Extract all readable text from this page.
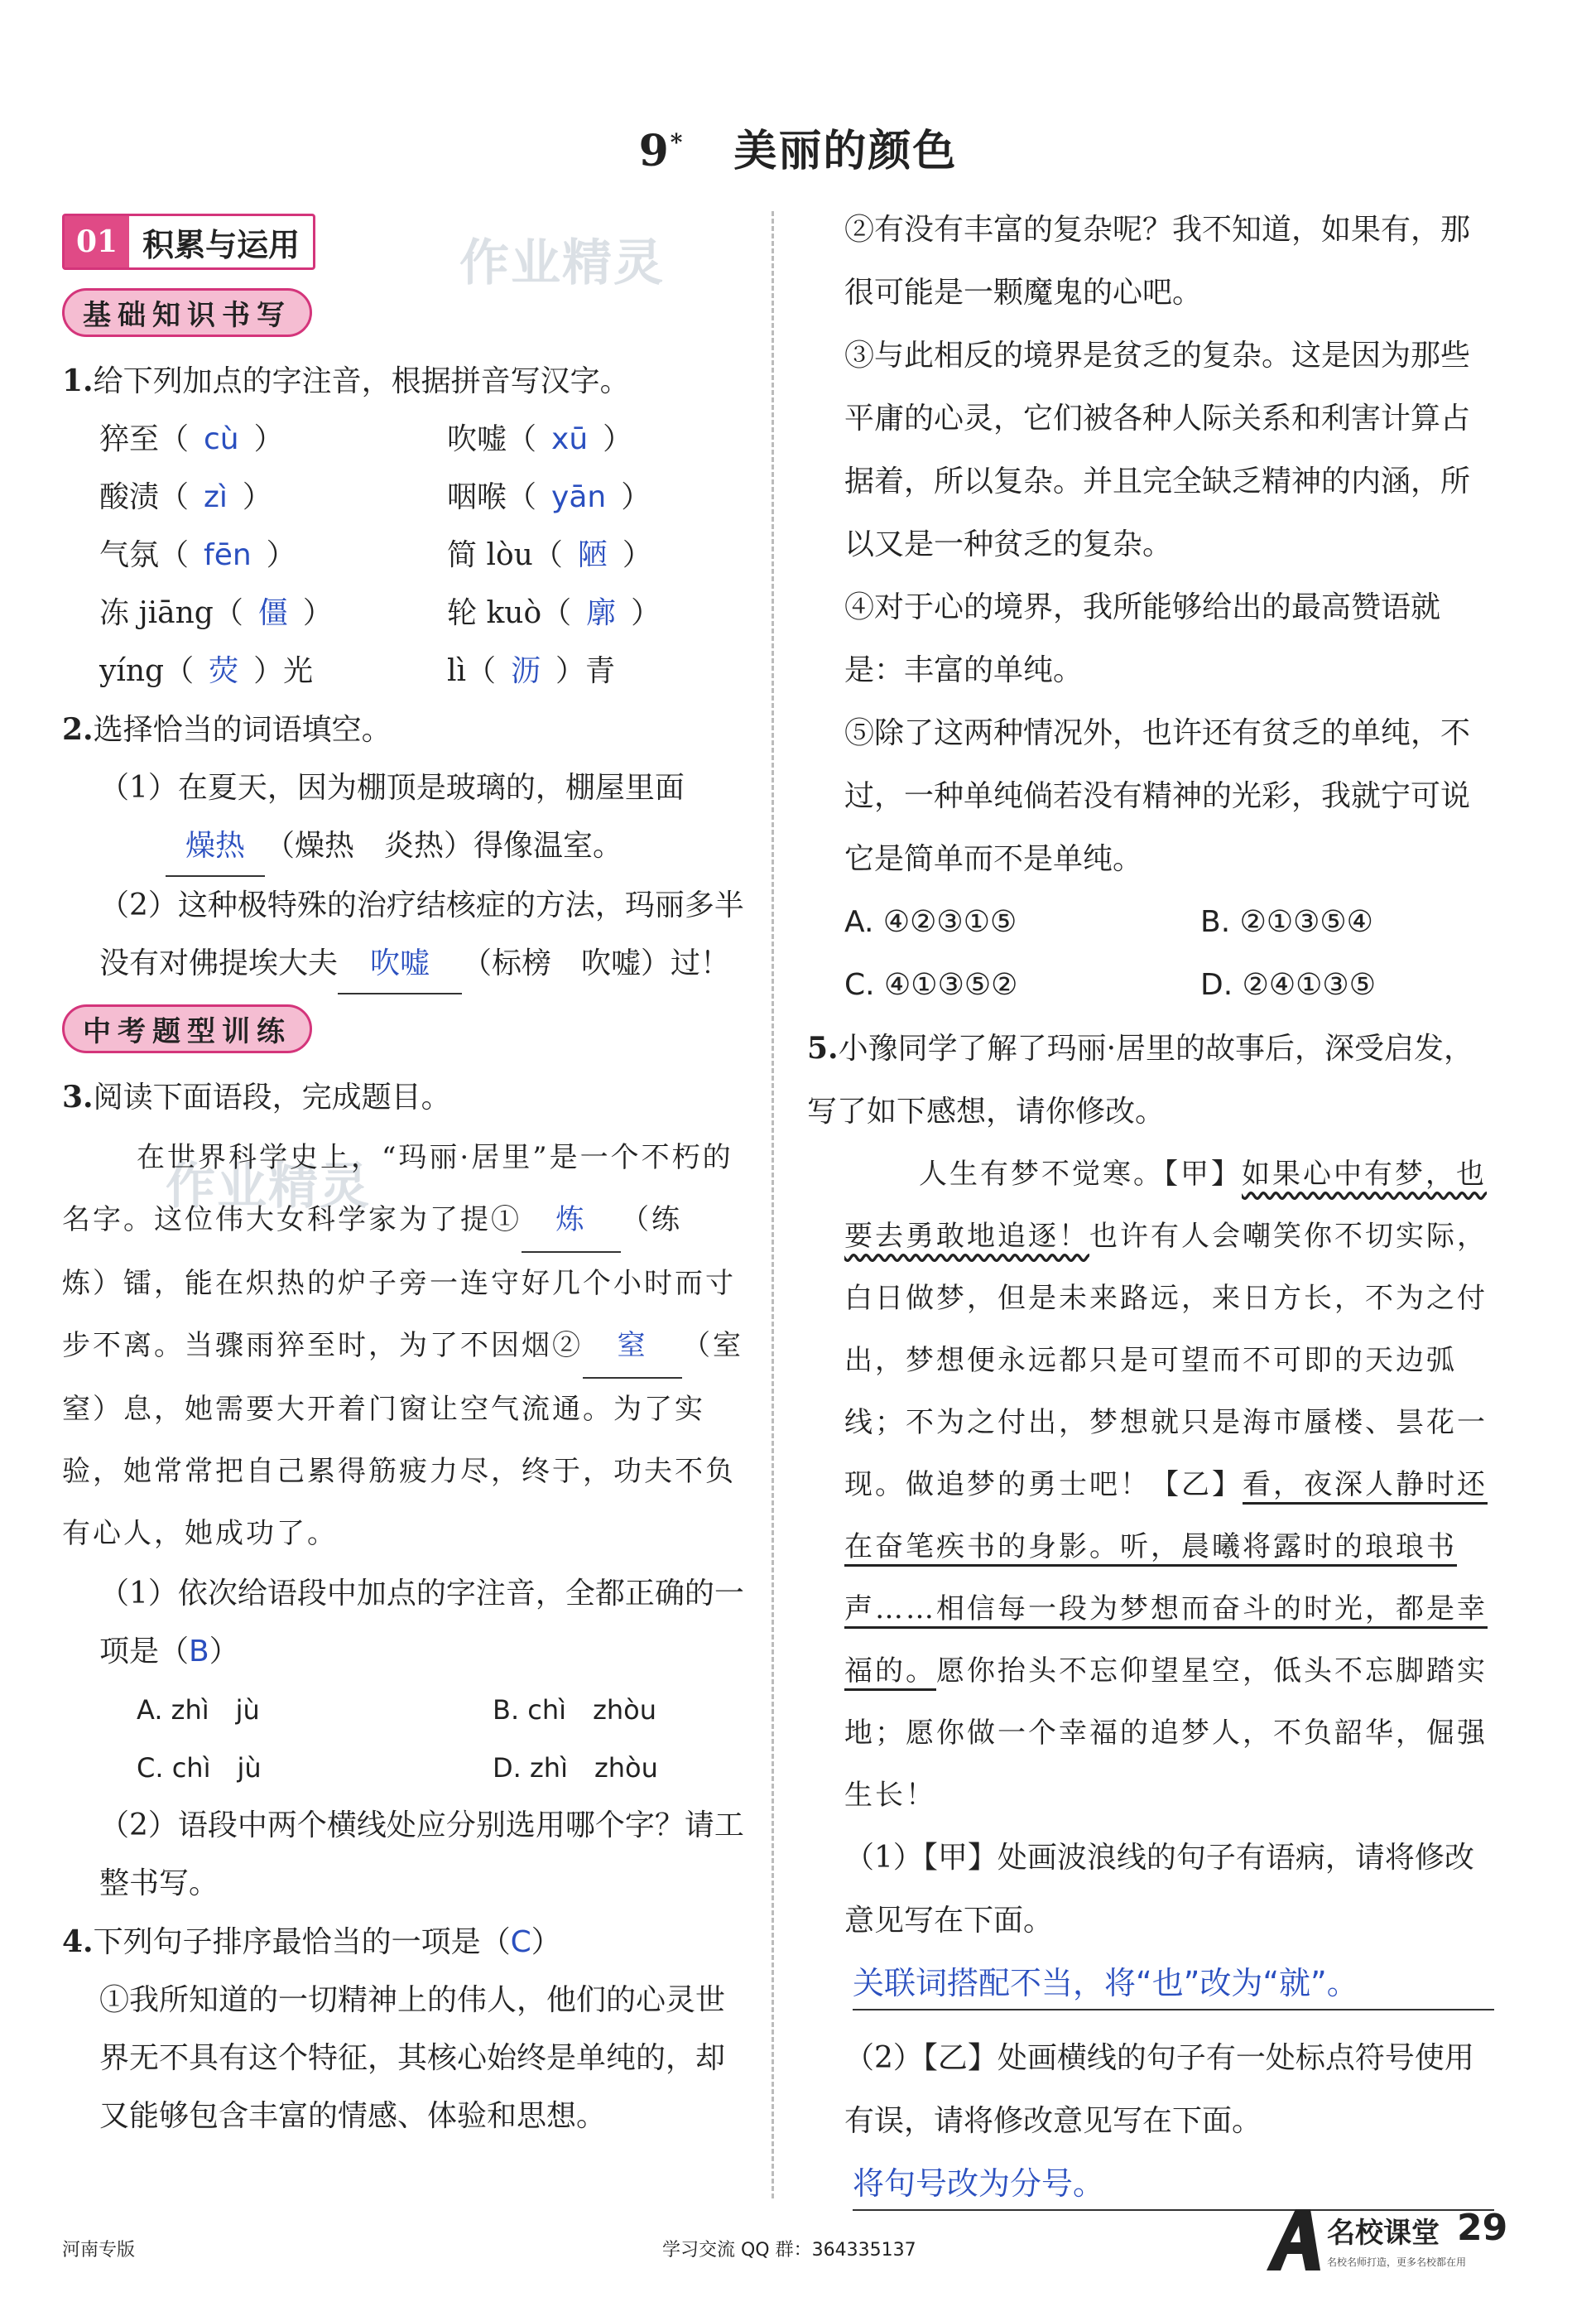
9* 美丽的颜色
作业精灵
作业精灵
01 积累与运用
基础知识书写
1.给下列加点的字注音，根据拼音写汉字。
猝至（ cù ）	吹嘘（ xū ）
酸渍（ zì ）	咽喉（ yān ）
气氛（ fēn ）	简 lòu（ 陋 ）
冻 jiāng（ 僵 ）	轮 kuò（ 廓 ）
yíng（ 荧 ）光	lì（ 沥 ）青
2.选择恰当的词语填空。
（1）在夏天，因为棚顶是玻璃的，棚屋里面
燥热 （燥热　炎热）得像温室。
（2）这种极特殊的治疗结核症的方法，玛丽多半没有对佛提埃大夫 吹嘘 （标榜　吹嘘）过！
中考题型训练
3.阅读下面语段，完成题目。
在世界科学史上，“玛丽·居里”是一个不朽的名字。这位伟大女科学家为了提① 炼 （练　炼）镭，能在炽热的炉子旁一连守好几个小时而寸步不离。当骤雨猝至时，为了不因烟② 窒 （室　窒）息，她需要大开着门窗让空气流通。为了实验，她常常把自己累得筋疲力尽，终于，功夫不负有心人，她成功了。
（1）依次给语段中加点的字注音，全都正确的一项是（B）
A. zhì　jù	B. chì　zhòu
C. chì　jù	D. zhì　zhòu
（2）语段中两个横线处应分别选用哪个字？请工整书写。
4.下列句子排序最恰当的一项是（C）
①我所知道的一切精神上的伟人，他们的心灵世界无不具有这个特征，其核心始终是单纯的，却又能够包含丰富的情感、体验和思想。
②有没有丰富的复杂呢？我不知道，如果有，那很可能是一颗魔鬼的心吧。
③与此相反的境界是贫乏的复杂。这是因为那些平庸的心灵，它们被各种人际关系和利害计算占据着，所以复杂。并且完全缺乏精神的内涵，所以又是一种贫乏的复杂。
④对于心的境界，我所能够给出的最高赞语就是：丰富的单纯。
⑤除了这两种情况外，也许还有贫乏的单纯，不过，一种单纯倘若没有精神的光彩，我就宁可说它是简单而不是单纯。
A. ④②③①⑤	B. ②①③⑤④
C. ④①③⑤②	D. ②④①③⑤
5.小豫同学了解了玛丽·居里的故事后，深受启发，写了如下感想，请你修改。
人生有梦不觉寒。【甲】如果心中有梦，也要去勇敢地追逐！也许有人会嘲笑你不切实际，白日做梦，但是未来路远，来日方长，不为之付出，梦想便永远都只是可望而不可即的天边弧线；不为之付出，梦想就只是海市蜃楼、昙花一现。做追梦的勇士吧！【乙】看，夜深人静时还在奋笔疾书的身影。听，晨曦将露时的琅琅书声……相信每一段为梦想而奋斗的时光，都是幸福的。愿你抬头不忘仰望星空，低头不忘脚踏实地；愿你做一个幸福的追梦人，不负韶华，倔强生长！
（1）【甲】处画波浪线的句子有语病，请将修改意见写在下面。
关联词搭配不当，将“也”改为“就”。
（2）【乙】处画横线的句子有一处标点符号使用有误，请将修改意见写在下面。
将句号改为分号。
河南专版	学习交流 QQ 群：364335137
名校课堂
名校名师打造，更多名校都在用
29
